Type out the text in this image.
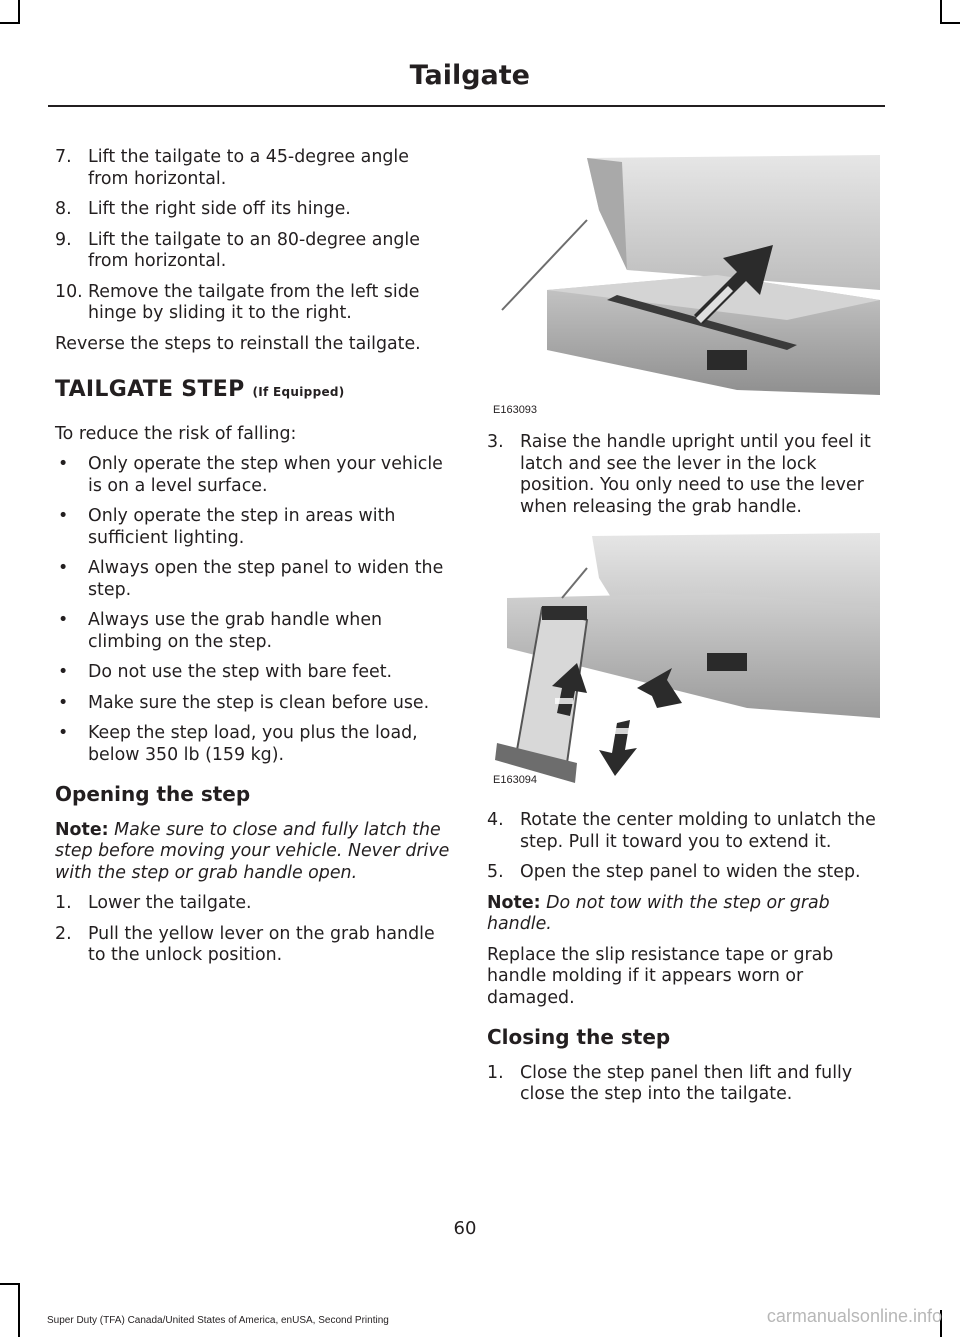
Tailgate
7. Lift the tailgate to a 45-degree angle from horizontal.
8. Lift the right side off its hinge.
9. Lift the tailgate to an 80-degree angle from horizontal.
10. Remove the tailgate from the left side hinge by sliding it to the right.

Reverse the steps to reinstall the tailgate.

TAILGATE STEP (If Equipped)

To reduce the risk of falling:

• Only operate the step when your vehicle is on a level surface.
• Only operate the step in areas with sufficient lighting.
• Always open the step panel to widen the step.
• Always use the grab handle when climbing on the step.
• Do not use the step with bare feet.
• Make sure the step is clean before use.
• Keep the step load, you plus the load, below 350 lb (159 kg).
Opening the step

Note: Make sure to close and fully latch the step before moving your vehicle. Never drive with the step or grab handle open.

1. Lower the tailgate.
2. Pull the yellow lever on the grab handle to the unlock position.
E163093
E163094
3. Raise the handle upright until you feel it latch and see the lever in the lock position. You only need to use the lever when releasing the grab handle.
4. Rotate the center molding to unlatch the step. Pull it toward you to extend it.
5. Open the step panel to widen the step.

Note: Do not tow with the step or grab handle.

Replace the slip resistance tape or grab handle molding if it appears worn or damaged.

Closing the step
1. Close the step panel then lift and fully close the step into the tailgate.
60
Super Duty (TFA) Canada/United States of America, enUSA, Second Printing	carmanualsonline.info
